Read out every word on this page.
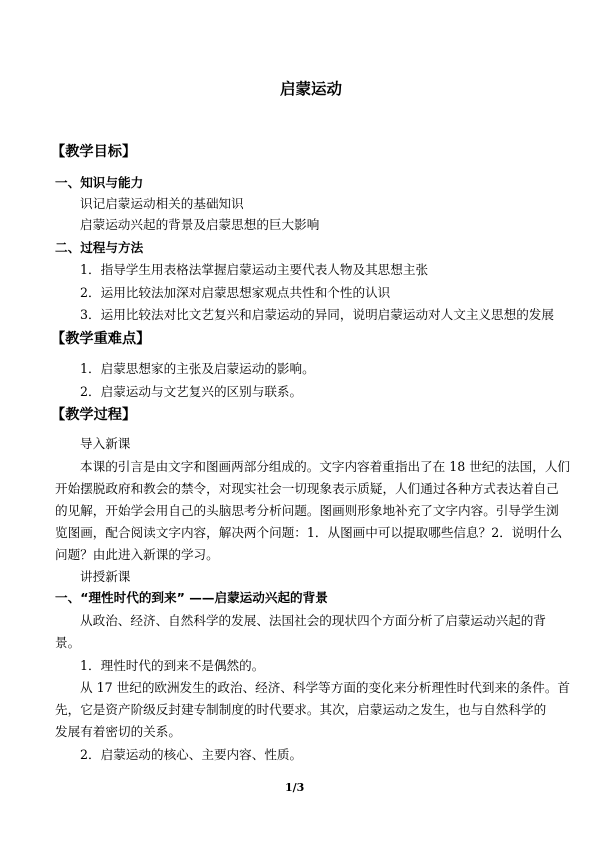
启蒙运动
【教学目标】
一、知识与能力
识记启蒙运动相关的基础知识
启蒙运动兴起的背景及启蒙思想的巨大影响
二、过程与方法
1．指导学生用表格法掌握启蒙运动主要代表人物及其思想主张
2．运用比较法加深对启蒙思想家观点共性和个性的认识
3．运用比较法对比文艺复兴和启蒙运动的异同，说明启蒙运动对人文主义思想的发展
【教学重难点】
1．启蒙思想家的主张及启蒙运动的影响。
2．启蒙运动与文艺复兴的区别与联系。
【教学过程】
导入新课
本课的引言是由文字和图画两部分组成的。文字内容着重指出了在 18 世纪的法国，人们
开始摆脱政府和教会的禁令，对现实社会一切现象表示质疑，人们通过各种方式表达着自己
的见解，开始学会用自己的头脑思考分析问题。图画则形象地补充了文字内容。引导学生浏
览图画，配合阅读文字内容，解决两个问题：1．从图画中可以提取哪些信息？2．说明什么
问题？由此进入新课的学习。
讲授新课
一、“理性时代的到来” ——启蒙运动兴起的背景
从政治、经济、自然科学的发展、法国社会的现状四个方面分析了启蒙运动兴起的背
景。
1．理性时代的到来不是偶然的。
从 17 世纪的欧洲发生的政治、经济、科学等方面的变化来分析理性时代到来的条件。首
先，它是资产阶级反封建专制制度的时代要求。其次，启蒙运动之发生，也与自然科学的
发展有着密切的关系。
2．启蒙运动的核心、主要内容、性质。
1/3
